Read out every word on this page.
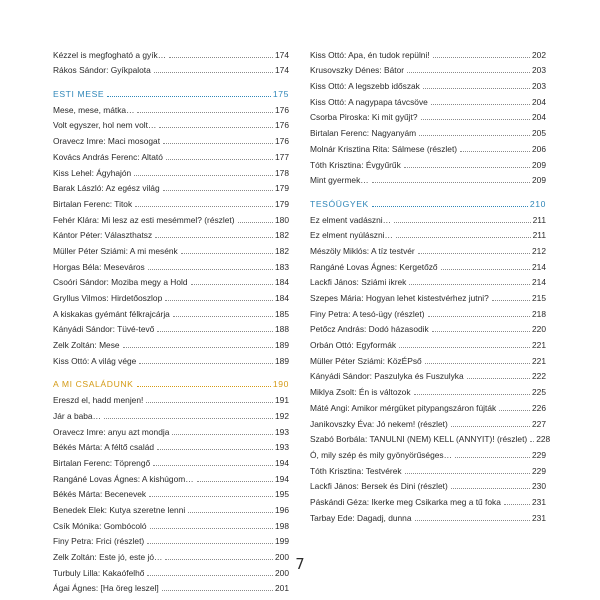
Kézzel is megfogható a gyík…	174
Rákos Sándor: Gyíkpalota	174
ESTI MESE	175
Mese, mese, mátka…	176
Volt egyszer, hol nem volt…	176
Oravecz Imre: Maci mosogat	176
Kovács András Ferenc: Altató	177
Kiss Lehel: Ágyhajón	178
Barak László: Az egész világ	179
Birtalan Ferenc: Titok	179
Fehér Klára: Mi lesz az esti mesémmel? (részlet)	180
Kántor Péter: Választhatsz	182
Müller Péter Sziámi: A mi mesénk	182
Horgas Béla: Meseváros	183
Csoóri Sándor: Moziba megy a Hold	184
Gryllus Vilmos: Hirdetőoszlop	184
A kiskakas gyémánt félkrajcárja	185
Kányádi Sándor: Tüvé-tevő	188
Zelk Zoltán: Mese	189
Kiss Ottó: A világ vége	189
A MI CSALÁDUNK	190
Ereszd el, hadd menjen!	191
Jár a baba…	192
Oravecz Imre: anyu azt mondja	193
Békés Márta: A féltő család	193
Birtalan Ferenc: Töprengő	194
Rangáné Lovas Ágnes: A kishúgom…	194
Békés Márta: Becenevek	195
Benedek Elek: Kutya szeretne lenni	196
Csík Mónika: Gombócoló	198
Finy Petra: Frici (részlet)	199
Zelk Zoltán: Este jó, este jó…	200
Turbuly Lilla: Kakaófelhő	200
Ágai Ágnes: [Ha öreg leszel]	201
Kiss Ottó: Apa, én tudok repülni!	202
Krusovszky Dénes: Bátor	203
Kiss Ottó: A legszebb időszak	203
Kiss Ottó: A nagypapa távcsöve	204
Csorba Piroska: Ki mit gyűjt?	204
Birtalan Ferenc: Nagyanyám	205
Molnár Krisztina Rita: Sálmese (részlet)	206
Tóth Krisztina: Évgyűrűk	209
Mint gyermek…	209
TESÓÜGYEK	210
Ez elment vadászni…	211
Ez elment nyúlászni…	211
Mészöly Miklós: A tíz testvér	212
Rangáné Lovas Ágnes: Kergetőző	214
Lackfi János: Sziámi ikrek	214
Szepes Mária: Hogyan lehet kistestvérhez jutni?	215
Finy Petra: A tesó-ügy (részlet)	218
Petőcz András: Dodó házasodik	220
Orbán Ottó: Egyformák	221
Müller Péter Sziámi: KözÉPső	221
Kányádi Sándor: Paszulyka és Fuszulyka	222
Miklya Zsolt: Én is változok	225
Máté Angi: Amikor mérgüket pitypangszáron fújták	226
Janikovszky Éva: Jó nekem! (részlet)	227
Szabó Borbála: TANULNI (NEM) KELL (ANNYIT)! (részlet) 228
Ó, mily szép és mily gyönyörűséges…	229
Tóth Krisztina: Testvérek	229
Lackfi János: Bersek és Dini (részlet)	230
Páskándi Géza: Ikerke meg Csikarka meg a tű foka	231
Tarbay Ede: Dagadj, dunna	231
7
